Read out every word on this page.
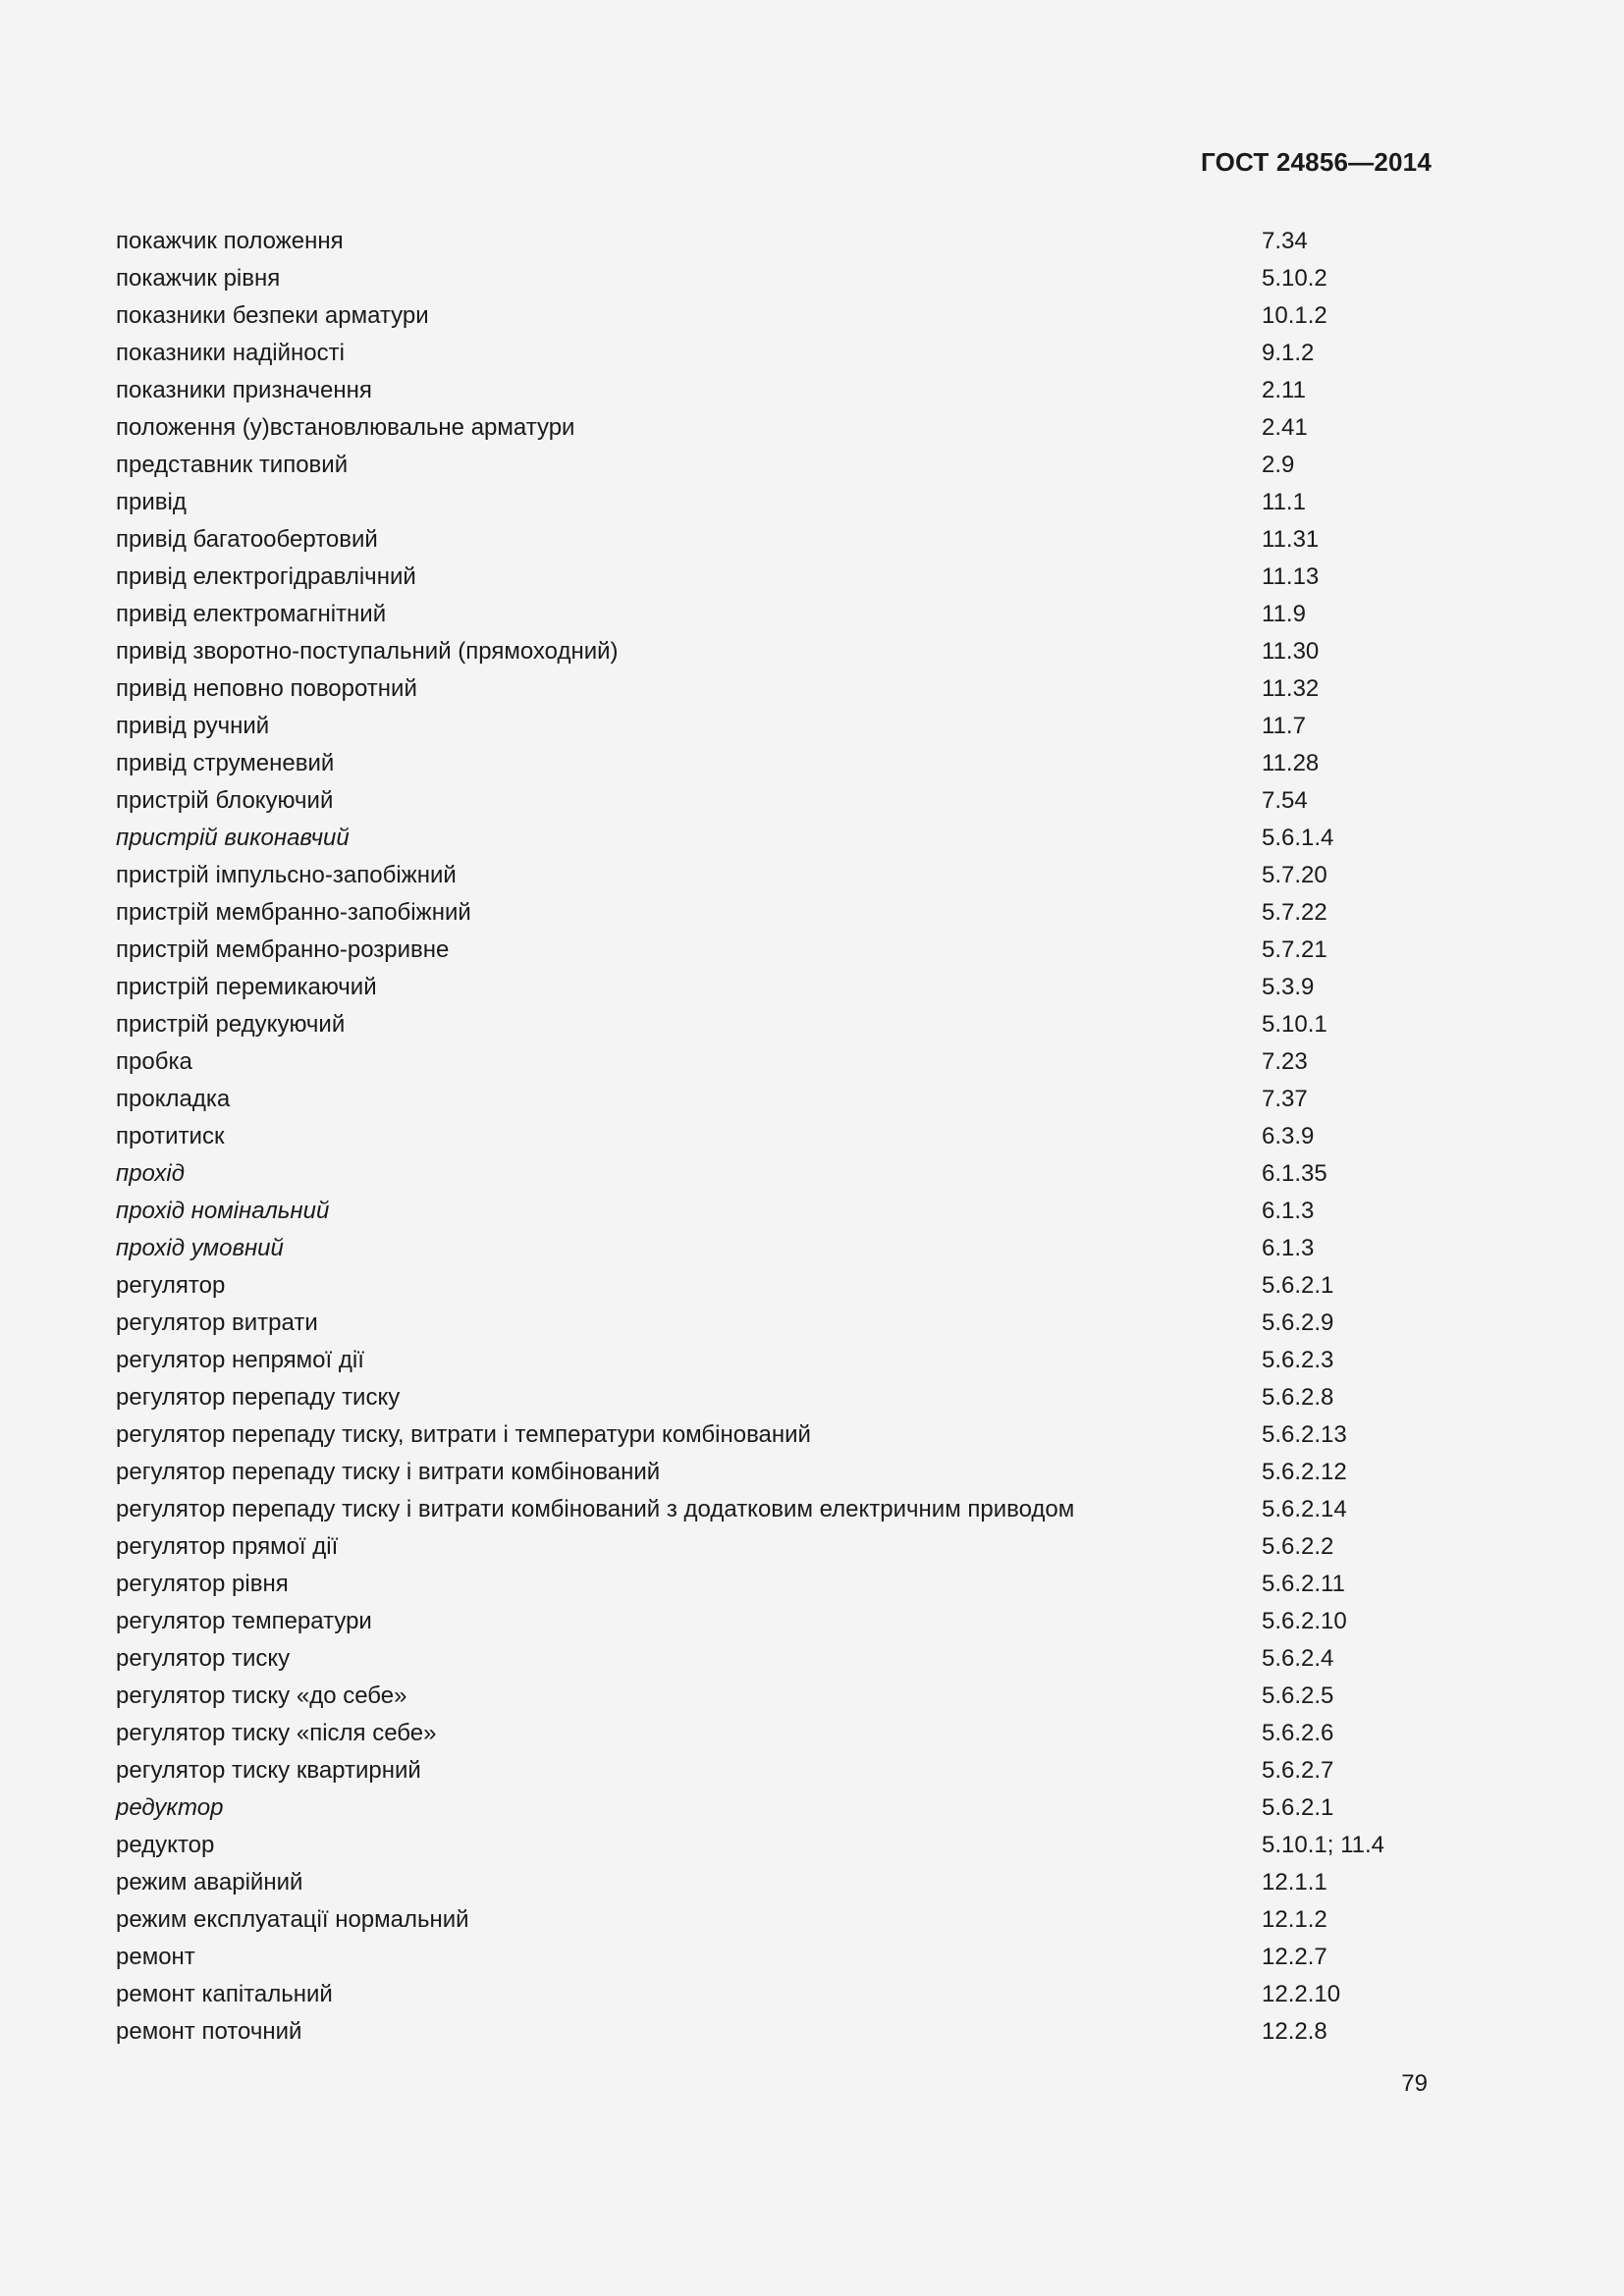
ГОСТ 24856—2014
покажчик положення	7.34
покажчик рівня	5.10.2
показники безпеки арматури	10.1.2
показники надійності	9.1.2
показники призначення	2.11
положення (у)встановлювальне арматури	2.41
представник типовий	2.9
привід	11.1
привід багатообертовий	11.31
привід електрогідравлічний	11.13
привід електромагнітний	11.9
привід зворотно-поступальний (прямоходний)	11.30
привід неповно поворотний	11.32
привід ручний	11.7
привід струменевий	11.28
пристрій блокуючий	7.54
пристрій виконавчий	5.6.1.4
пристрій імпульсно-запобіжний	5.7.20
пристрій мембранно-запобіжний	5.7.22
пристрій мембранно-розривне	5.7.21
пристрій перемикаючий	5.3.9
пристрій редукуючий	5.10.1
пробка	7.23
прокладка	7.37
протитиск	6.3.9
прохід	6.1.35
прохід номінальний	6.1.3
прохід умовний	6.1.3
регулятор	5.6.2.1
регулятор витрати	5.6.2.9
регулятор непрямої дії	5.6.2.3
регулятор перепаду тиску	5.6.2.8
регулятор перепаду тиску, витрати і температури комбінований	5.6.2.13
регулятор перепаду тиску і витрати комбінований	5.6.2.12
регулятор перепаду тиску і витрати комбінований з додатковим електричним приводом	5.6.2.14
регулятор прямої дії	5.6.2.2
регулятор рівня	5.6.2.11
регулятор температури	5.6.2.10
регулятор тиску	5.6.2.4
регулятор тиску «до себе»	5.6.2.5
регулятор тиску «після себе»	5.6.2.6
регулятор тиску квартирний	5.6.2.7
редуктор	5.6.2.1
редуктор	5.10.1; 11.4
режим аварійний	12.1.1
режим експлуатації нормальний	12.1.2
ремонт	12.2.7
ремонт капітальний	12.2.10
ремонт поточний	12.2.8
79
